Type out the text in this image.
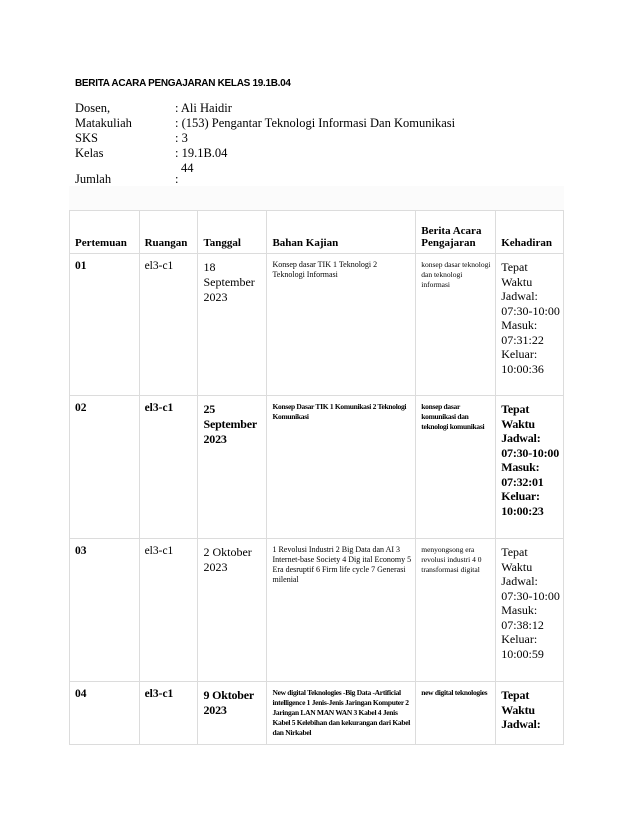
BERITA ACARA PENGAJARAN KELAS 19.1B.04
Dosen,	: Ali Haidir
Matakuliah	: (153) Pengantar Teknologi Informasi Dan Komunikasi
SKS	: 3
Kelas	: 19.1B.04
Jumlah	:
44
Pertemuan	Ruangan	Tanggal	Bahan Kajian	Berita Acara Pengajaran	Kehadiran

01	el3-c1	18 September 2023	Konsep dasar TIK 1 Teknologi 2 Teknologi Informasi	konsep dasar teknologi dan teknologi informasi	Tepat Waktu Jadwal: 07:30-10:00 Masuk: 07:31:22 Keluar: 10:00:36

02	el3-c1	25 September 2023	Konsep Dasar TIK 1 Komunikasi 2 Teknologi Komunikasi	konsep dasar komunikasi dan teknologi komunikasi	Tepat Waktu Jadwal: 07:30-10:00 Masuk: 07:32:01 Keluar: 10:00:23

03	el3-c1	2 Oktober 2023	1 Revolusi Industri 2 Big Data dan AI 3 Internet-base Society 4 Dig ital Economy 5 Era desruptif 6 Firm life cycle 7 Generasi milenial	menyongsong era revolusi industri 4 0 transformasi digital	Tepat Waktu Jadwal: 07:30-10:00 Masuk: 07:38:12 Keluar: 10:00:59

04	el3-c1	9 Oktober 2023	New digital Teknologies -Big Data -Artificial intelligence 1 Jenis-Jenis Jaringan Komputer 2 Jaringan LAN MAN WAN 3 Kabel 4 Jenis Kabel 5 Kelebihan dan kekurangan dari Kabel dan Nirkabel	new digital teknologies	Tepat Waktu Jadwal:
